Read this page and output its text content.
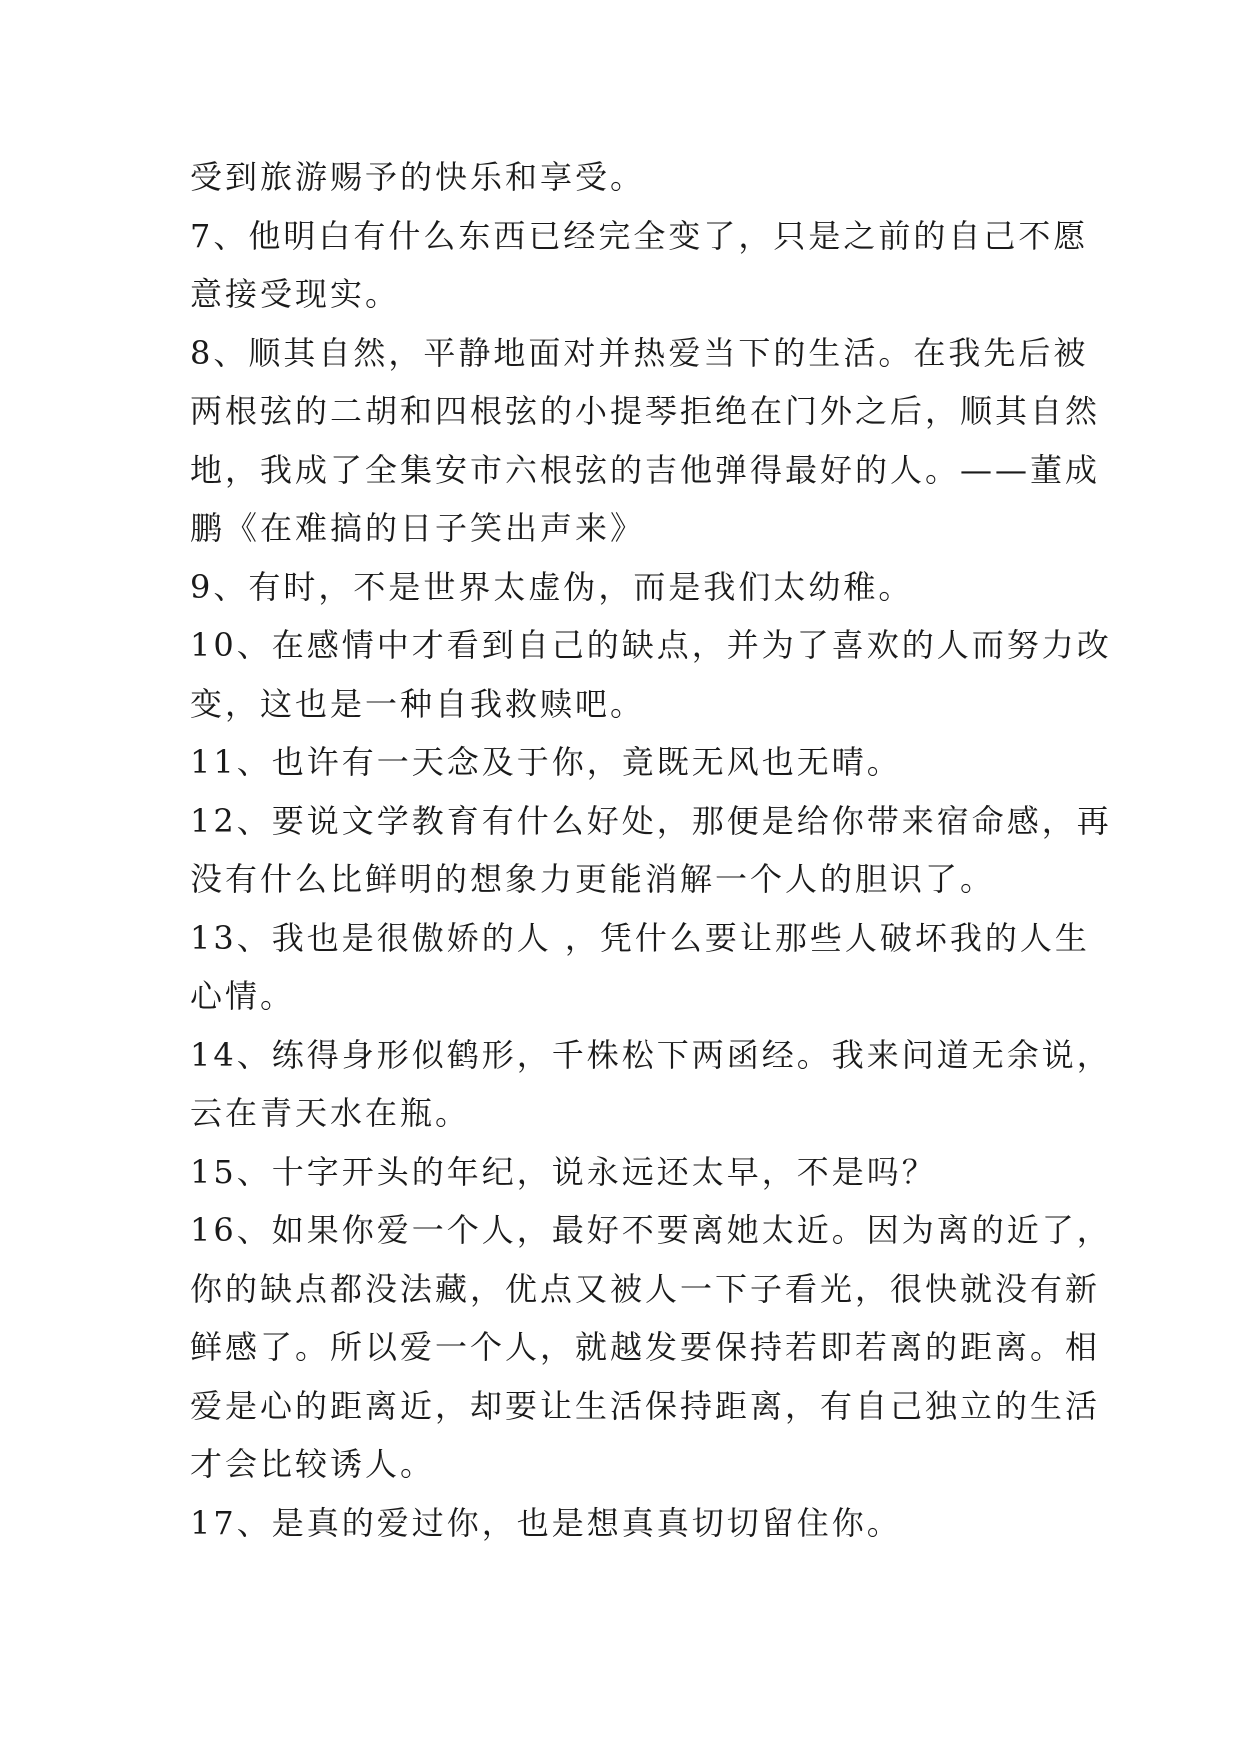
受到旅游赐予的快乐和享受。
7、他明白有什么东西已经完全变了，只是之前的自己不愿
意接受现实。
8、顺其自然，平静地面对并热爱当下的生活。在我先后被
两根弦的二胡和四根弦的小提琴拒绝在门外之后，顺其自然
地，我成了全集安市六根弦的吉他弹得最好的人。——董成
鹏《在难搞的日子笑出声来》
9、有时，不是世界太虚伪，而是我们太幼稚。
10、在感情中才看到自己的缺点，并为了喜欢的人而努力改
变，这也是一种自我救赎吧。
11、也许有一天念及于你，竟既无风也无晴。
12、要说文学教育有什么好处，那便是给你带来宿命感，再
没有什么比鲜明的想象力更能消解一个人的胆识了。
13、我也是很傲娇的人 ，凭什么要让那些人破坏我的人生
心情。
14、练得身形似鹤形，千株松下两函经。我来问道无余说，
云在青天水在瓶。
15、十字开头的年纪，说永远还太早，不是吗？
16、如果你爱一个人，最好不要离她太近。因为离的近了，
你的缺点都没法藏，优点又被人一下子看光，很快就没有新
鲜感了。所以爱一个人，就越发要保持若即若离的距离。相
爱是心的距离近，却要让生活保持距离，有自己独立的生活
才会比较诱人。
17、是真的爱过你，也是想真真切切留住你。
